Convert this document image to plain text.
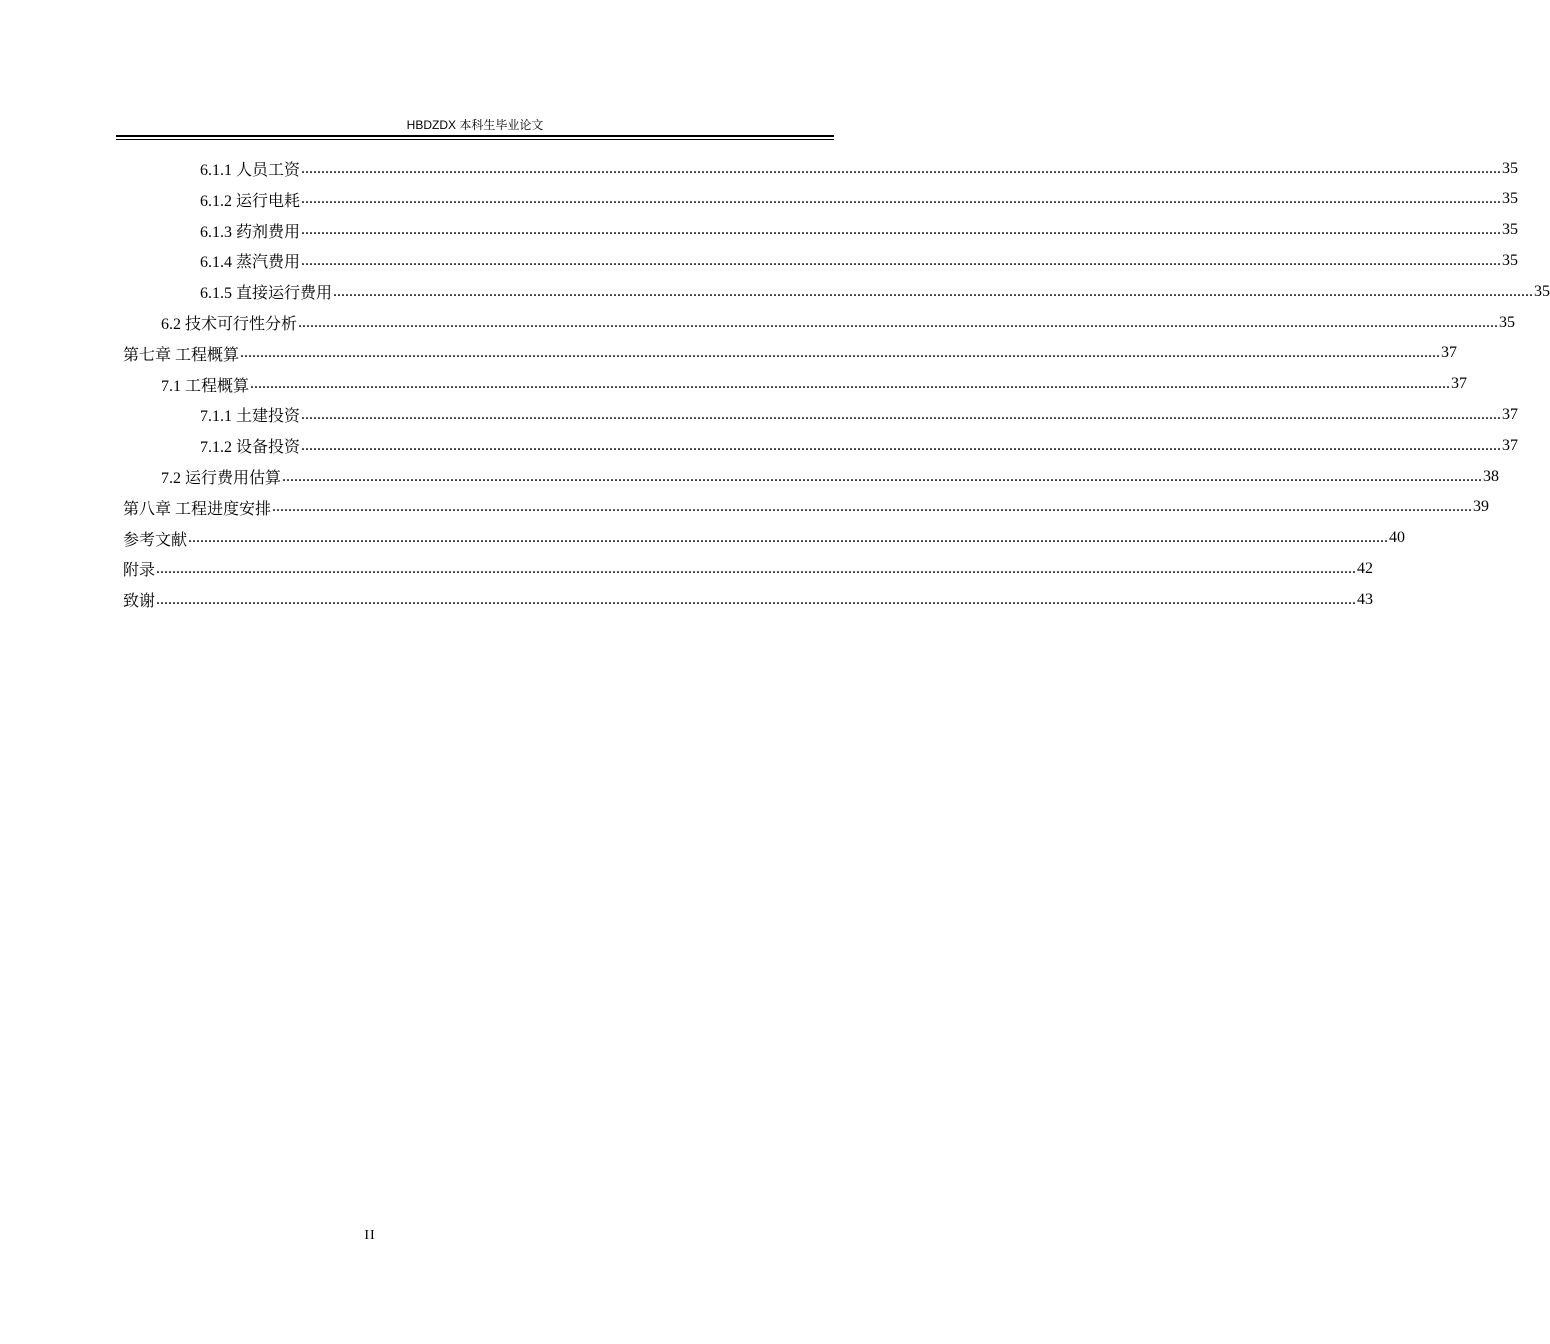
HBDZDX 本科生毕业论文
6.1.1 人员工资 ............................................................................................................................................................................................................................................................................................................ 35
6.1.2 运行电耗 ............................................................................................................................................................................................................................................................................................................ 35
6.1.3 药剂费用 ............................................................................................................................................................................................................................................................................................................ 35
6.1.4 蒸汽费用 ............................................................................................................................................................................................................................................................................................................ 35
6.1.5 直接运行费用 ............................................................................................................................................................................................................................................................................................................ 35
6.2 技术可行性分析 ............................................................................................................................................................................................................................................................................................................ 35
第七章 工程概算 ............................................................................................................................................................................................................................................................................................................ 37
7.1 工程概算 ............................................................................................................................................................................................................................................................................................................ 37
7.1.1 土建投资 ............................................................................................................................................................................................................................................................................................................ 37
7.1.2 设备投资 ............................................................................................................................................................................................................................................................................................................ 37
7.2 运行费用估算 ............................................................................................................................................................................................................................................................................................................ 38
第八章 工程进度安排 ............................................................................................................................................................................................................................................................................................................ 39
参考文献 ............................................................................................................................................................................................................................................................................................................ 40
附录 ............................................................................................................................................................................................................................................................................................................ 42
致谢 ............................................................................................................................................................................................................................................................................................................ 43
II
